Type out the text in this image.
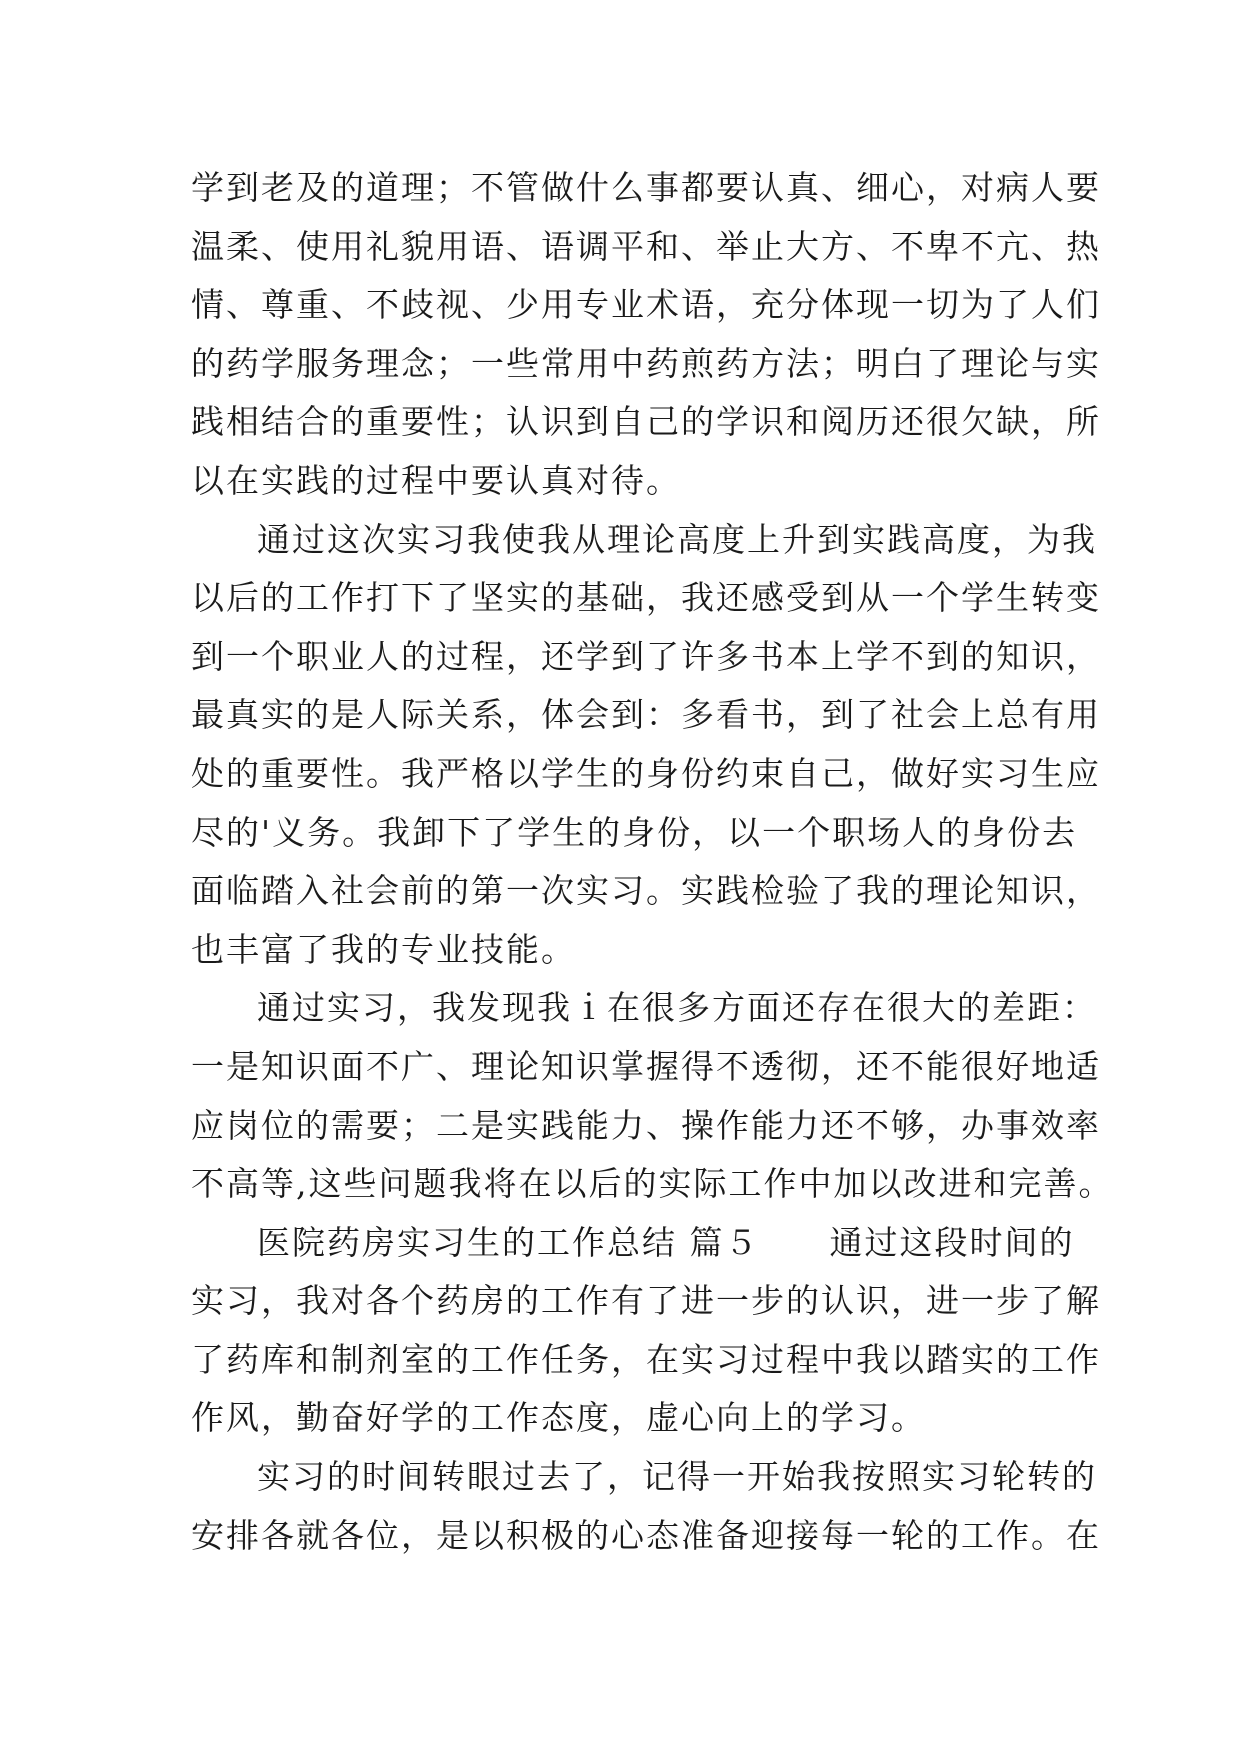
学到老及的道理；不管做什么事都要认真、细心，对病人要
温柔、使用礼貌用语、语调平和、举止大方、不卑不亢、热
情、尊重、不歧视、少用专业术语，充分体现一切为了人们
的药学服务理念；一些常用中药煎药方法；明白了理论与实
践相结合的重要性；认识到自己的学识和阅历还很欠缺，所
以在实践的过程中要认真对待。
通过这次实习我使我从理论高度上升到实践高度，为我
以后的工作打下了坚实的基础，我还感受到从一个学生转变
到一个职业人的过程，还学到了许多书本上学不到的知识，
最真实的是人际关系，体会到：多看书，到了社会上总有用
处的重要性。我严格以学生的身份约束自己，做好实习生应
尽的'义务。我卸下了学生的身份，以一个职场人的身份去
面临踏入社会前的第一次实习。实践检验了我的理论知识，
也丰富了我的专业技能。
通过实习，我发现我ｉ在很多方面还存在很大的差距：
一是知识面不广、理论知识掌握得不透彻，还不能很好地适
应岗位的需要；二是实践能力、操作能力还不够，办事效率
不高等,这些问题我将在以后的实际工作中加以改进和完善。
医院药房实习生的工作总结 篇５　　通过这段时间的
实习，我对各个药房的工作有了进一步的认识，进一步了解
了药库和制剂室的工作任务，在实习过程中我以踏实的工作
作风，勤奋好学的工作态度，虚心向上的学习。
实习的时间转眼过去了，记得一开始我按照实习轮转的
安排各就各位，是以积极的心态准备迎接每一轮的工作。在
